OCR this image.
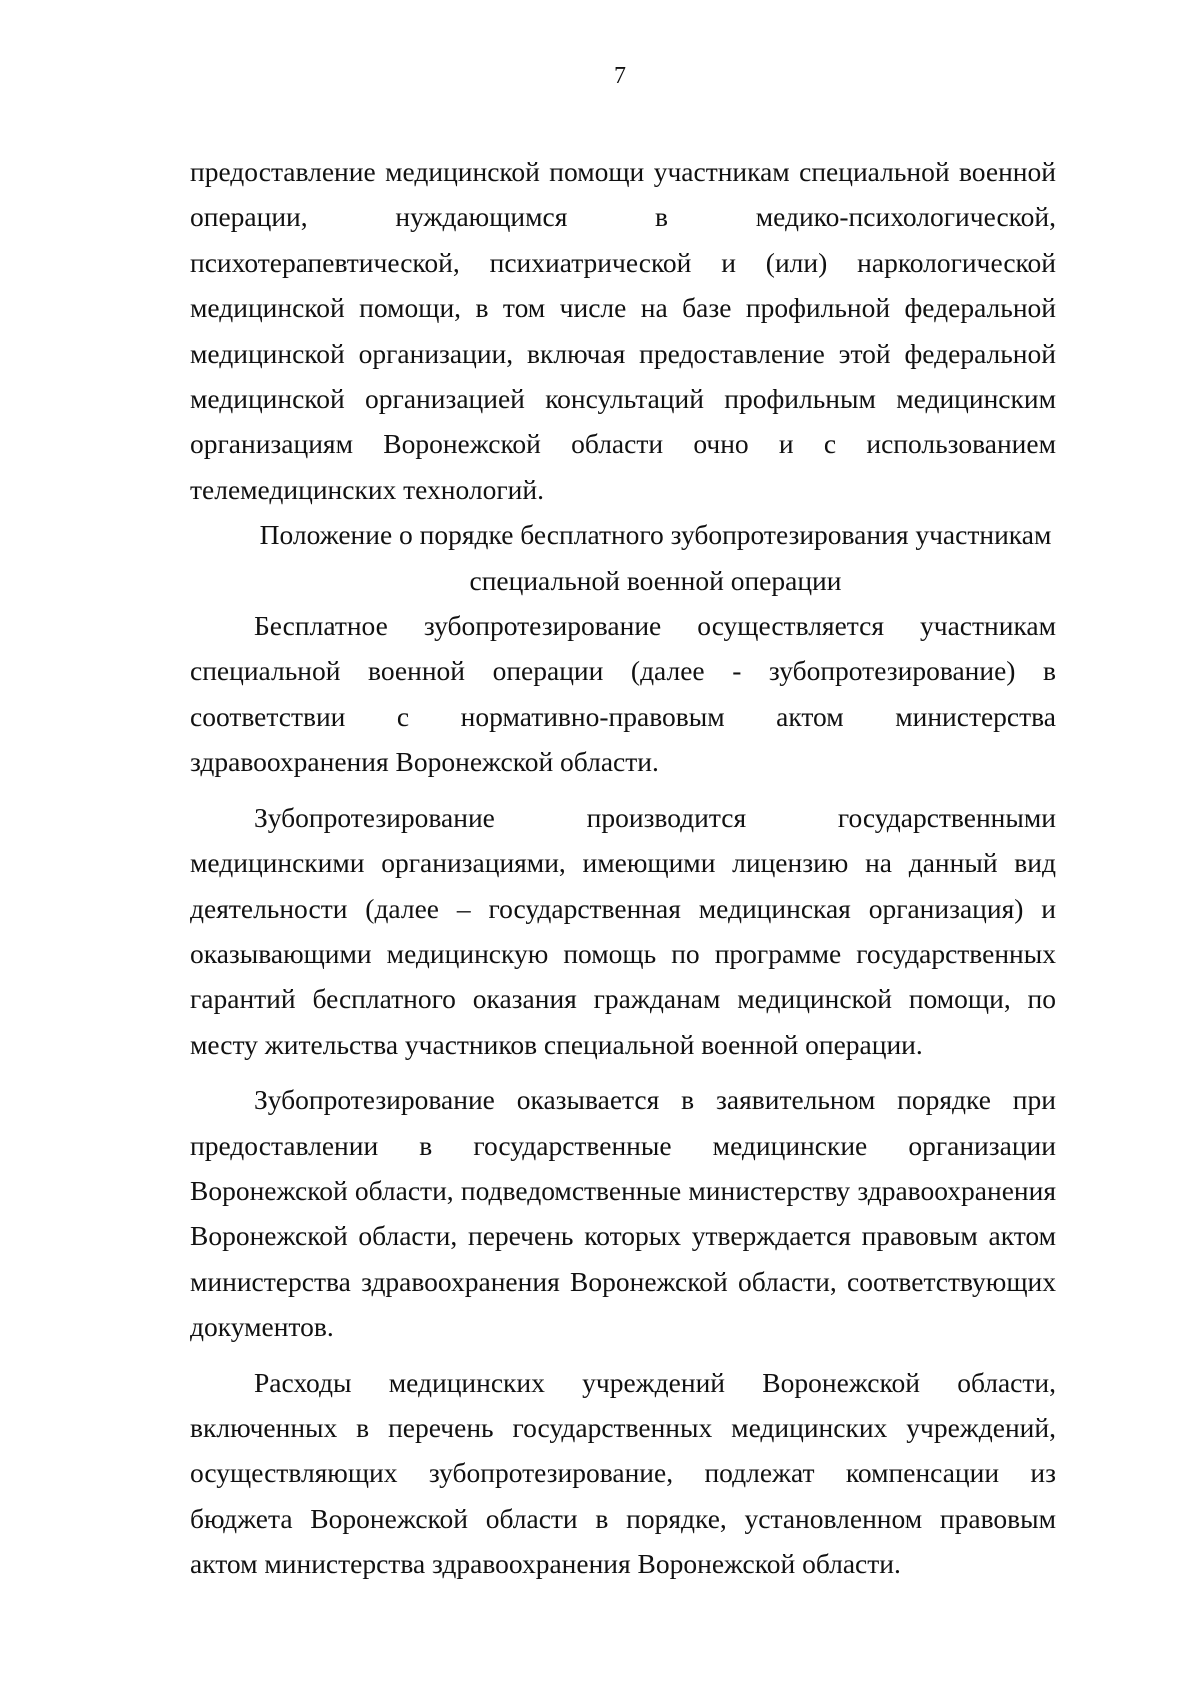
7

предоставление медицинской помощи участникам специальной военной операции, нуждающимся в медико-психологической, психотерапевтической, психиатрической и (или) наркологической медицинской помощи, в том числе на базе профильной федеральной медицинской организации, включая предоставление этой федеральной медицинской организацией консультаций профильным медицинским организациям Воронежской области очно и с использованием телемедицинских технологий.

Положение о порядке бесплатного зубопротезирования участникам
специальной военной операции

Бесплатное зубопротезирование осуществляется участникам специальной военной операции (далее - зубопротезирование) в соответствии с нормативно-правовым актом министерства здравоохранения Воронежской области.

Зубопротезирование производится государственными медицинскими организациями, имеющими лицензию на данный вид деятельности (далее – государственная медицинская организация) и оказывающими медицинскую помощь по программе государственных гарантий бесплатного оказания гражданам медицинской помощи, по месту жительства участников специальной военной операции.

Зубопротезирование оказывается в заявительном порядке при предоставлении в государственные медицинские организации Воронежской области, подведомственные министерству здравоохранения Воронежской области, перечень которых утверждается правовым актом министерства здравоохранения Воронежской области, соответствующих документов.

Расходы медицинских учреждений Воронежской области, включенных в перечень государственных медицинских учреждений, осуществляющих зубопротезирование, подлежат компенсации из бюджета Воронежской области в порядке, установленном правовым актом министерства здравоохранения Воронежской области.
